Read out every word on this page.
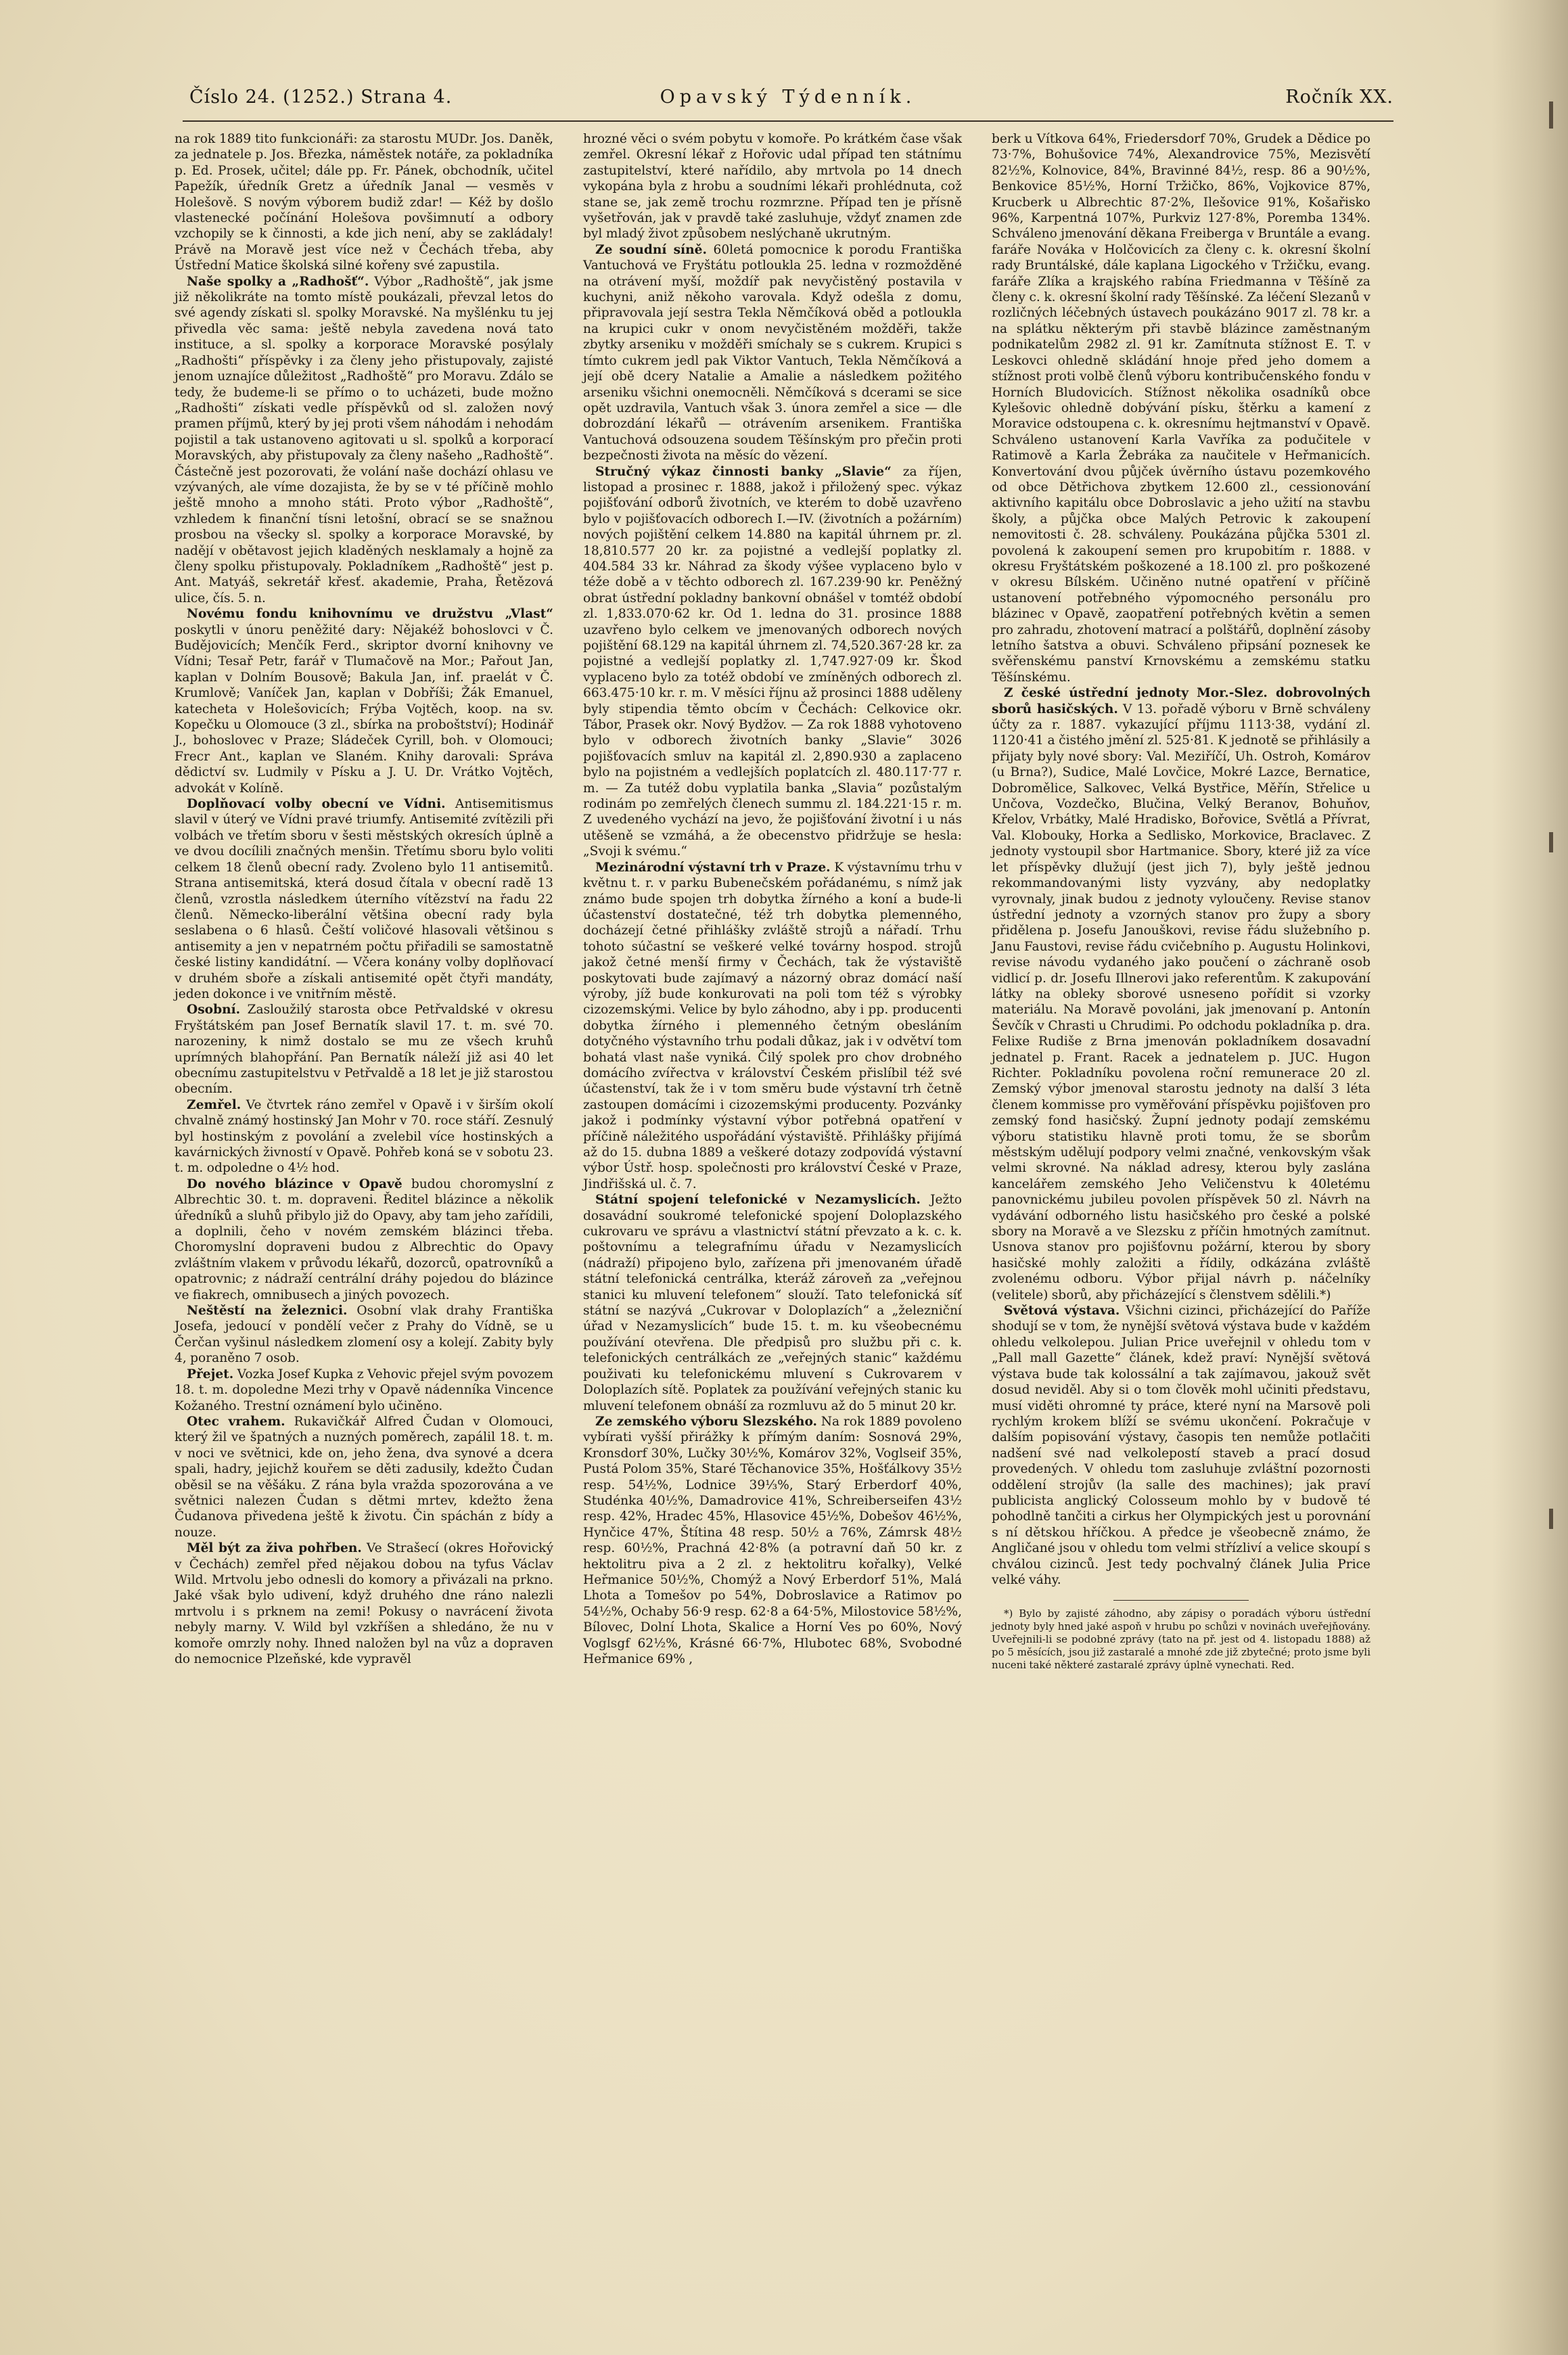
Číslo 24. (1252.) Strana 4.	Opavský Týdenník.	Ročník XX.

na rok 1889 tito funkcionáři: za starostu MUDr. Jos. Daněk, za jednatele p. Jos. Březka, náměstek notáře, za pokladníka p. Ed. Prosek, učitel; dále pp. Fr. Pánek, obchodník, učitel Papežík, úředník Gretz a úředník Janal — vesměs v Holešově. S novým výborem budiž zdar! — Kéž by došlo vlastenecké počínání Holešova povšimnutí a odbory vzchopily se k činnosti, a kde jich není, aby se zakládaly! Právě na Moravě jest více než v Čechách třeba, aby Ústřední Matice školská silné kořeny své zapustila.

Naše spolky a „Radhošť“. Výbor „Radhoště“, jak jsme již několikráte na tomto místě poukázali, převzal letos do své agendy získati sl. spolky Moravské. Na myšlénku tu jej přivedla věc sama: ještě nebyla zavedena nová tato instituce, a sl. spolky a korporace Moravské posýlaly „Radhošti“ příspěvky i za členy jeho přistupovaly, zajisté jenom uznajíce důležitost „Radhoště“ pro Moravu. Zdálo se tedy, že budeme-li se přímo o to ucházeti, bude možno „Radhošti“ získati vedle příspěvků od sl. založen nový pramen příjmů, který by jej proti všem náhodám i nehodám pojistil a tak ustanoveno agitovati u sl. spolků a korporací Moravských, aby přistupovaly za členy našeho „Radhoště“. Částečně jest pozorovati, že volání naše dochází ohlasu ve vzývaných, ale víme dozajista, že by se v té příčině mohlo ještě mnoho a mnoho státi. Proto výbor „Radhoště“, vzhledem k finanční tísni letošní, obrací se se snažnou prosbou na všecky sl. spolky a korporace Moravské, by nadějí v obětavost jejich kladěných nesklamaly a hojně za členy spolku přistupovaly. Pokladníkem „Radhoště“ jest p. Ant. Matyáš, sekretář křesť. akademie, Praha, Řetězová ulice, čís. 5. n.

Novému fondu knihovnímu ve družstvu „Vlast“ poskytli v únoru peněžité dary: Nějakéž bohoslovci v Č. Budějovicích; Menčík Ferd., skriptor dvorní knihovny ve Vídni; Tesař Petr, farář v Tlumačově na Mor.; Pařout Jan, kaplan v Dolním Bousově; Bakula Jan, inf. praelát v Č. Krumlově; Vaníček Jan, kaplan v Dobříši; Žák Emanuel, katecheta v Holešovicích; Frýba Vojtěch, koop. na sv. Kopečku u Olomouce (3 zl., sbírka na proboštství); Hodinář J., bohoslovec v Praze; Sládeček Cyrill, boh. v Olomouci; Frecr Ant., kaplan ve Slaném. Knihy darovali: Správa dědictví sv. Ludmily v Písku a J. U. Dr. Vrátko Vojtěch, advokát v Kolíně.

Doplňovací volby obecní ve Vídni. Antisemitismus slavil v úterý ve Vídni pravé triumfy. Antisemité zvítězili při volbách ve třetím sboru v šesti městských okresích úplně a ve dvou docílili značných menšin. Třetímu sboru bylo voliti celkem 18 členů obecní rady. Zvoleno bylo 11 antisemitů. Strana antisemitská, která dosud čítala v obecní radě 13 členů, vzrostla následkem úterního vítězství na řadu 22 členů. Německo-liberální většina obecní rady byla seslabena o 6 hlasů. Čeští voličové hlasovali většinou s antisemity a jen v nepatrném počtu přiřadili se samostatně české listiny kandidátní. — Včera konány volby doplňovací v druhém sboře a získali antisemité opět čtyři mandáty, jeden dokonce i ve vnitřním městě.

Osobní. Zasloužilý starosta obce Petřvaldské v okresu Fryštátském pan Josef Bernatík slavil 17. t. m. své 70. narozeniny, k nimž dostalo se mu ze všech kruhů uprímných blahopřání. Pan Bernatík náleží již asi 40 let obecnímu zastupitelstvu v Petřvaldě a 18 let je již starostou obecním.

Zemřel. Ve čtvrtek ráno zemřel v Opavě i v širším okolí chvalně známý hostinský Jan Mohr v 70. roce stáří. Zesnulý byl hostinským z povolání a zvelebil více hostinských a kavárnických živností v Opavě. Pohřeb koná se v sobotu 23. t. m. odpoledne o 4½ hod.

Do nového blázince v Opavě budou choromyslní z Albrechtic 30. t. m. dopraveni. Ředitel blázince a několik úředníků a sluhů přibylo již do Opavy, aby tam jeho zařídili, a doplnili, čeho v novém zemském blázinci třeba. Choromyslní dopraveni budou z Albrechtic do Opavy zvláštním vlakem v průvodu lékařů, dozorců, opatrovníků a opatrovnic; z nádraží centrální dráhy pojedou do blázince ve fiakrech, omnibusech a jiných povozech.

Neštěstí na železnici. Osobní vlak drahy Františka Josefa, jedoucí v pondělí večer z Prahy do Vídně, se u Čerčan vyšinul následkem zlomení osy a kolejí. Zabity byly 4, poraněno 7 osob.

Přejet. Vozka Josef Kupka z Vehovic přejel svým povozem 18. t. m. dopoledne Mezi trhy v Opavě nádenníka Vincence Kožaného. Trestní oznámení bylo učiněno.

Otec vrahem. Rukavičkář Alfred Čudan v Olomouci, který žil ve špatných a nuzných poměrech, zapálil 18. t. m. v noci ve světnici, kde on, jeho žena, dva synové a dcera spali, hadry, jejichž kouřem se děti zadusily, kdežto Čudan oběsil se na věšáku. Z rána byla vražda spozorována a ve světnici nalezen Čudan s dětmi mrtev, kdežto žena Čudanova přivedena ještě k životu. Čin spáchán z bídy a nouze.

Měl být za živa pohřben. Ve Strašecí (okres Hořovický v Čechách) zemřel před nějakou dobou na tyfus Václav Wild. Mrtvolu jebo odnesli do komory a přivázali na prkno. Jaké však bylo udivení, když druhého dne ráno nalezli mrtvolu i s prknem na zemi! Pokusy o navrácení života nebyly marny. V. Wild byl vzkříšen a shledáno, že nu v komoře omrzly nohy. Ihned naložen byl na vůz a dopraven do nemocnice Plzeňské, kde vypravěl

hrozné věci o svém pobytu v komoře. Po krátkém čase však zemřel. Okresní lékař z Hořovic udal případ ten státnímu zastupitelství, které nařídilo, aby mrtvola po 14 dnech vykopána byla z hrobu a soudními lékaři prohlédnuta, což stane se, jak země trochu rozmrzne. Případ ten je přísně vyšetřován, jak v pravdě také zasluhuje, vždyť znamen zde byl mladý život způsobem neslýchaně ukrutným.

Ze soudní síně. 60letá pomocnice k porodu Františka Vantuchová ve Fryštátu potloukla 25. ledna v rozmožděné na otrávení myší, moždíř pak nevyčistěný postavila v kuchyni, aniž někoho varovala. Když odešla z domu, připravovala její sestra Tekla Němčíková oběd a potloukla na krupici cukr v onom nevyčistěném možděři, takže zbytky arseniku v možděři smíchaly se s cukrem. Krupici s tímto cukrem jedl pak Viktor Vantuch, Tekla Němčíková a její obě dcery Natalie a Amalie a následkem požitého arseniku všichni onemocněli. Němčíková s dcerami se sice opět uzdravila, Vantuch však 3. února zemřel a sice — dle dobrozdání lékařů — otrávením arsenikem. Františka Vantuchová odsouzena soudem Těšínským pro přečin proti bezpečnosti života na měsíc do vězení.

Stručný výkaz činnosti banky „Slavie“ za říjen, listopad a prosinec r. 1888, jakož i přiložený spec. výkaz pojišťování odborů životních, ve kterém to době uzavřeno bylo v pojišťovacích odborech I.—IV. (životních a požárním) nových pojištění celkem 14.880 na kapitál úhrnem pr. zl. 18,810.577 20 kr. za pojistné a vedlejší poplatky zl. 404.584 33 kr. Náhrad za škody výšee vyplaceno bylo v téže době a v těchto odborech zl. 167.239·90 kr. Peněžný obrat ústřední pokladny bankovní obnášel v tomtéž období zl. 1,833.070·62 kr. Od 1. ledna do 31. prosince 1888 uzavřeno bylo celkem ve jmenovaných odborech nových pojištění 68.129 na kapitál úhrnem zl. 74,520.367·28 kr. za pojistné a vedlejší poplatky zl. 1,747.927·09 kr. Škod vyplaceno bylo za totéž období ve zmíněných odborech zl. 663.475·10 kr. r. m. V měsíci říjnu až prosinci 1888 uděleny byly stipendia těmto obcím v Čechách: Celkovice okr. Tábor, Prasek okr. Nový Bydžov. — Za rok 1888 vyhotoveno bylo v odborech životních banky „Slavie“ 3026 pojišťovacích smluv na kapitál zl. 2,890.930 a zaplaceno bylo na pojistném a vedlejších poplatcích zl. 480.117·77 r. m. — Za tutéž dobu vyplatila banka „Slavia“ pozůstalým rodinám po zemřelých členech summu zl. 184.221·15 r. m. Z uvedeného vychází na jevo, že pojišťování životní i u nás utěšeně se vzmáhá, a že obecenstvo přidržuje se hesla: „Svoji k svému.“

Mezinárodní výstavní trh v Praze. K výstavnímu trhu v květnu t. r. v parku Bubenečském pořádanému, s nímž jak známo bude spojen trh dobytka žírného a koní a bude-li účastenství dostatečné, též trh dobytka plemenného, docházejí četné přihlášky zvláště strojů a nářadí. Trhu tohoto súčastní se veškeré velké továrny hospod. strojů jakož četné menší firmy v Čechách, tak že výstaviště poskytovati bude zajímavý a názorný obraz domácí naší výroby, jíž bude konkurovati na poli tom též s výrobky cizozemskými. Velice by bylo záhodno, aby i pp. producenti dobytka žírného i plemenného četným obesláním dotyčného výstavního trhu podali důkaz, jak i v odvětví tom bohatá vlast naše vyniká. Čilý spolek pro chov drobného domácího zvířectva v království Českém přislíbil též své účastenství, tak že i v tom směru bude výstavní trh četně zastoupen domácími i cizozemskými producenty. Pozvánky jakož i podmínky výstavní výbor potřebná opatření v příčině náležitého uspořádání výstaviště. Přihlášky přijímá až do 15. dubna 1889 a veškeré dotazy zodpovídá výstavní výbor Ústř. hosp. společnosti pro království České v Praze, Jindřišská ul. č. 7.

Státní spojení telefonické v Nezamyslicích. Ježto dosavádní soukromé telefonické spojení Doloplazského cukrovaru ve správu a vlastnictví státní převzato a k. c. k. poštovnímu a telegrafnímu úřadu v Nezamyslicích (nádraží) připojeno bylo, zařízena při jmenovaném úřadě státní telefonická centrálka, kteráž zároveň za „veřejnou stanici ku mluvení telefonem“ slouží. Tato telefonická síť státní se nazývá „Cukrovar v Doloplazích“ a „železniční úřad v Nezamyslicích“ bude 15. t. m. ku všeobecnému používání otevřena. Dle předpisů pro službu při c. k. telefonických centrálkách ze „veřejných stanic“ každému použivati ku telefonickému mluvení s Cukrovarem v Doloplazích sítě. Poplatek za používání veřejných stanic ku mluvení telefonem obnáší za rozmluvu až do 5 minut 20 kr.

Ze zemského výboru Slezského. Na rok 1889 povoleno vybírati vyšší přirážky k přímým daním: Sosnová 29%, Kronsdorf 30%, Lučky 30½%, Komárov 32%, Voglseif 35%, Pustá Polom 35%, Staré Těchanovice 35%, Hošťálkovy 35½ resp. 54½%, Lodnice 39⅓%, Starý Erberdorf 40%, Studénka 40½%, Damadrovice 41%, Schreiberseifen 43½ resp. 42%, Hradec 45%, Hlasovice 45½%, Dobešov 46½%, Hynčice 47%, Štítina 48 resp. 50½ a 76%, Zámrsk 48½ resp. 60½%, Prachná 42·8% (a potravní daň 50 kr. z hektolitru piva a 2 zl. z hektolitru kořalky), Velké Heřmanice 50½%, Chomýž a Nový Erberdorf 51%, Malá Lhota a Tomešov po 54%, Dobroslavice a Ratimov po 54½%, Ochaby 56·9 resp. 62·8 a 64·5%, Milostovice 58½%, Bílovec, Dolní Lhota, Skalice a Horní Ves po 60%, Nový Voglsgf 62½%, Krásné 66·7%, Hlubotec 68%, Svobodné Heřmanice 69% ,

berk u Vítkova 64%, Friedersdorf 70%, Grudek a Dědice po 73·7%, Bohušovice 74%, Alexandrovice 75%, Mezisvětí 82½%, Kolnovice, 84%, Bravinné 84½, resp. 86 a 90½%, Benkovice 85½%, Horní Tržičko, 86%, Vojkovice 87%, Krucberk u Albrechtic 87·2%, Ilešovice 91%, Košařisko 96%, Karpentná 107%, Purkviz 127·8%, Poremba 134%. Schváleno jmenování děkana Freiberga v Bruntále a evang. faráře Nováka v Holčovicích za členy c. k. okresní školní rady Bruntálské, dále kaplana Ligockého v Tržičku, evang. faráře Zlíka a krajského rabína Friedmanna v Těšíně za členy c. k. okresní školní rady Těšínské. Za léčení Slezanů v rozličných léčebných ústavech poukázáno 9017 zl. 78 kr. a na splátku některým při stavbě blázince zaměstnaným podnikatelům 2982 zl. 91 kr. Zamítnuta stížnost E. T. v Leskovci ohledně skládání hnoje před jeho domem a stížnost proti volbě členů výboru kontribučenského fondu v Horních Bludovicích. Stížnost několika osadníků obce Kylešovic ohledně dobývání písku, štěrku a kamení z Moravice odstoupena c. k. okresnímu hejtmanství v Opavě. Schváleno ustanovení Karla Vavříka za podučitele v Ratimově a Karla Žebráka za naučitele v Heřmanicích. Konvertování dvou půjček úvěrního ústavu pozemkového od obce Dětřichova zbytkem 12.600 zl., cessionování aktivního kapitálu obce Dobroslavic a jeho užití na stavbu školy, a půjčka obce Malých Petrovic k zakoupení nemovitosti č. 28. schváleny. Poukázána půjčka 5301 zl. povolená k zakoupení semen pro krupobitím r. 1888. v okresu Fryštátském poškozené a 18.100 zl. pro poškozené v okresu Bílském. Učiněno nutné opatření v příčině ustanovení potřebného výpomocného personálu pro blázinec v Opavě, zaopatření potřebných květin a semen pro zahradu, zhotovení matrací a polštářů, doplnění zásoby letního šatstva a obuvi. Schváleno připsání poznesek ke svěřenskému panství Krnovskému a zemskému statku Těšínskému.

Z české ústřední jednoty Mor.-Slez. dobrovolných sborů hasičských. V 13. pořadě výboru v Brně schváleny účty za r. 1887. vykazující příjmu 1113·38, vydání zl. 1120·41 a čistého jmění zl. 525·81. K jednotě se přihlásily a přijaty byly nové sbory: Val. Meziříčí, Uh. Ostroh, Komárov (u Brna?), Sudice, Malé Lovčice, Mokré Lazce, Bernatice, Dobromělice, Salkovec, Velká Bystřice, Měřín, Střelice u Unčova, Vozdečko, Blučina, Velký Beranov, Bohuňov, Křelov, Vrbátky, Malé Hradisko, Bořovice, Světlá a Přívrat, Val. Klobouky, Horka a Sedlisko, Morkovice, Braclavec. Z jednoty vystoupil sbor Hartmanice. Sbory, které již za více let příspěvky dlužují (jest jich 7), byly ještě jednou rekommandovanými listy vyzvány, aby nedoplatky vyrovnaly, jinak budou z jednoty vyloučeny. Revise stanov ústřední jednoty a vzorných stanov pro župy a sbory přidělena p. Josefu Janouškovi, revise řádu služebního p. Janu Faustovi, revise řádu cvičebního p. Augustu Holinkovi, revise návodu vydaného jako poučení o záchraně osob vidlicí p. dr. Josefu Illnerovi jako referentům. K zakupování látky na obleky sborové usneseno pořídit si vzorky materiálu. Na Moravě povoláni, jak jmenovaní p. Antonín Ševčík v Chrasti u Chrudimi. Po odchodu pokladníka p. dra. Felixe Rudiše z Brna jmenován pokladníkem dosavadní jednatel p. Frant. Racek a jednatelem p. JUC. Hugon Richter. Pokladníku povolena roční remunerace 20 zl. Zemský výbor jmenoval starostu jednoty na další 3 léta členem kommisse pro vyměřování příspěvku pojišťoven pro zemský fond hasičský. Župní jednoty podají zemskému výboru statistiku hlavně proti tomu, že se sborům městským udělují podpory velmi značné, venkovským však velmi skrovné. Na náklad adresy, kterou byly zaslána kancelářem zemského Jeho Veličenstvu k 40letému panovnickému jubileu povolen příspěvek 50 zl. Návrh na vydávání odborného listu hasičského pro české a polské sbory na Moravě a ve Slezsku z příčin hmotných zamítnut. Usnova stanov pro pojišťovnu požární, kterou by sbory hasičské mohly založiti a řídily, odkázána zvláště zvolenému odboru. Výbor přijal návrh p. náčelníky (velitele) sborů, aby přicházející s členstvem sdělili.*)

Světová výstava. Všichni cizinci, přicházející do Paříže shodují se v tom, že nynější světová výstava bude v každém ohledu velkolepou. Julian Price uveřejnil v ohledu tom v „Pall mall Gazette“ článek, kdež praví: Nynější světová výstava bude tak kolossální a tak zajímavou, jakouž svět dosud neviděl. Aby si o tom člověk mohl učiniti představu, musí viděti ohromné ty práce, které nyní na Marsově poli rychlým krokem blíží se svému ukončení. Pokračuje v dalším popisování výstavy, časopis ten nemůže potlačiti nadšení své nad velkolepostí staveb a prací dosud provedených. V ohledu tom zasluhuje zvláštní pozornosti oddělení strojův (la salle des machines); jak praví publicista anglický Colosseum mohlo by v budově té pohodlně tančiti a cirkus her Olympických jest u porovnání s ní dětskou hříčkou. A předce je všeobecně známo, že Angličané jsou v ohledu tom velmi střízliví a velice skoupí s chválou cizinců. Jest tedy pochvalný článek Julia Price velké váhy.

*) Bylo by zajisté záhodno, aby zápisy o poradách výboru ústřední jednoty byly hned jaké aspoň v hrubu po schůzi v novinách uveřejňovány. Uveřejnili-li se podobné zprávy (tato na př. jest od 4. listopadu 1888) až po 5 měsících, jsou již zastaralé a mnohé zde již zbytečné; proto jsme byli nuceni také některé zastaralé zprávy úplně vynechati. Red.
